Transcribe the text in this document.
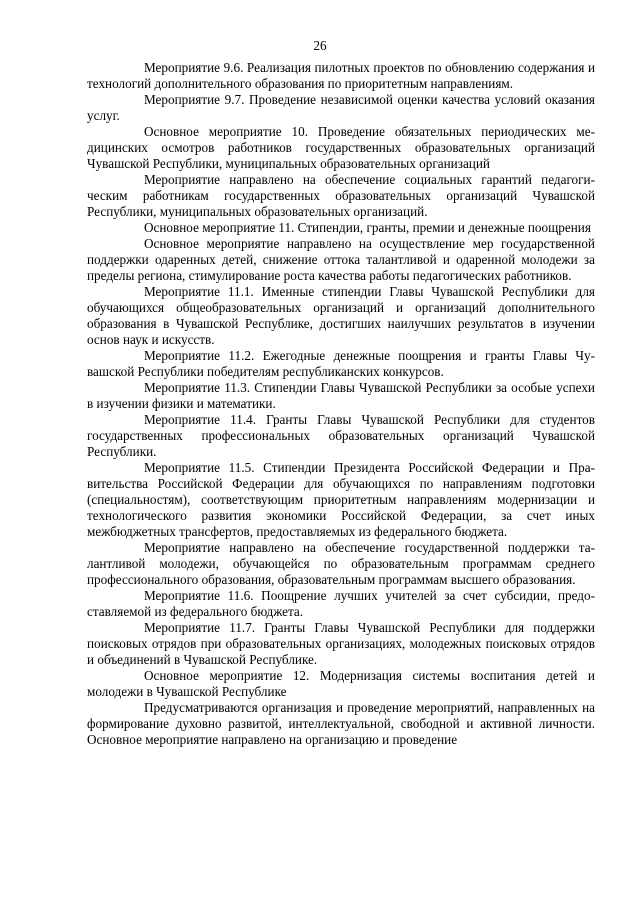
26

Мероприятие 9.6. Реализация пилотных проектов по обновлению содержания и технологий дополнительного образования по приоритетным направлениям.

Мероприятие 9.7. Проведение независимой оценки качества условий оказания услуг.

Основное мероприятие 10. Проведение обязательных периодических медицинских осмотров работников государственных образовательных организаций Чувашской Республики, муниципальных образовательных организаций

Мероприятие направлено на обеспечение социальных гарантий педагогическим работникам государственных образовательных организаций Чувашской Республики, муниципальных образовательных организаций.

Основное мероприятие 11. Стипендии, гранты, премии и денежные поощрения

Основное мероприятие направлено на осуществление мер государственной поддержки одаренных детей, снижение оттока талантливой и одаренной молодежи за пределы региона, стимулирование роста качества работы педагогических работников.

Мероприятие 11.1. Именные стипендии Главы Чувашской Республики для обучающихся общеобразовательных организаций и организаций дополнительного образования в Чувашской Республике, достигших наилучших результатов в изучении основ наук и искусств.

Мероприятие 11.2. Ежегодные денежные поощрения и гранты Главы Чувашской Республики победителям республиканских конкурсов.

Мероприятие 11.3. Стипендии Главы Чувашской Республики за особые успехи в изучении физики и математики.

Мероприятие 11.4. Гранты Главы Чувашской Республики для студентов государственных профессиональных образовательных организаций Чувашской Республики.

Мероприятие 11.5. Стипендии Президента Российской Федерации и Правительства Российской Федерации для обучающихся по направлениям подготовки (специальностям), соответствующим приоритетным направлениям модернизации и технологического развития экономики Российской Федерации, за счет иных межбюджетных трансфертов, предоставляемых из федерального бюджета.

Мероприятие направлено на обеспечение государственной поддержки талантливой молодежи, обучающейся по образовательным программам среднего профессионального образования, образовательным программам высшего образования.

Мероприятие 11.6. Поощрение лучших учителей за счет субсидии, предоставляемой из федерального бюджета.

Мероприятие 11.7. Гранты Главы Чувашской Республики для поддержки поисковых отрядов при образовательных организациях, молодежных поисковых отрядов и объединений в Чувашской Республике.

Основное мероприятие 12. Модернизация системы воспитания детей и молодежи в Чувашской Республике

Предусматриваются организация и проведение мероприятий, направленных на формирование духовно развитой, интеллектуальной, свободной и активной личности. Основное мероприятие направлено на организацию и проведение
